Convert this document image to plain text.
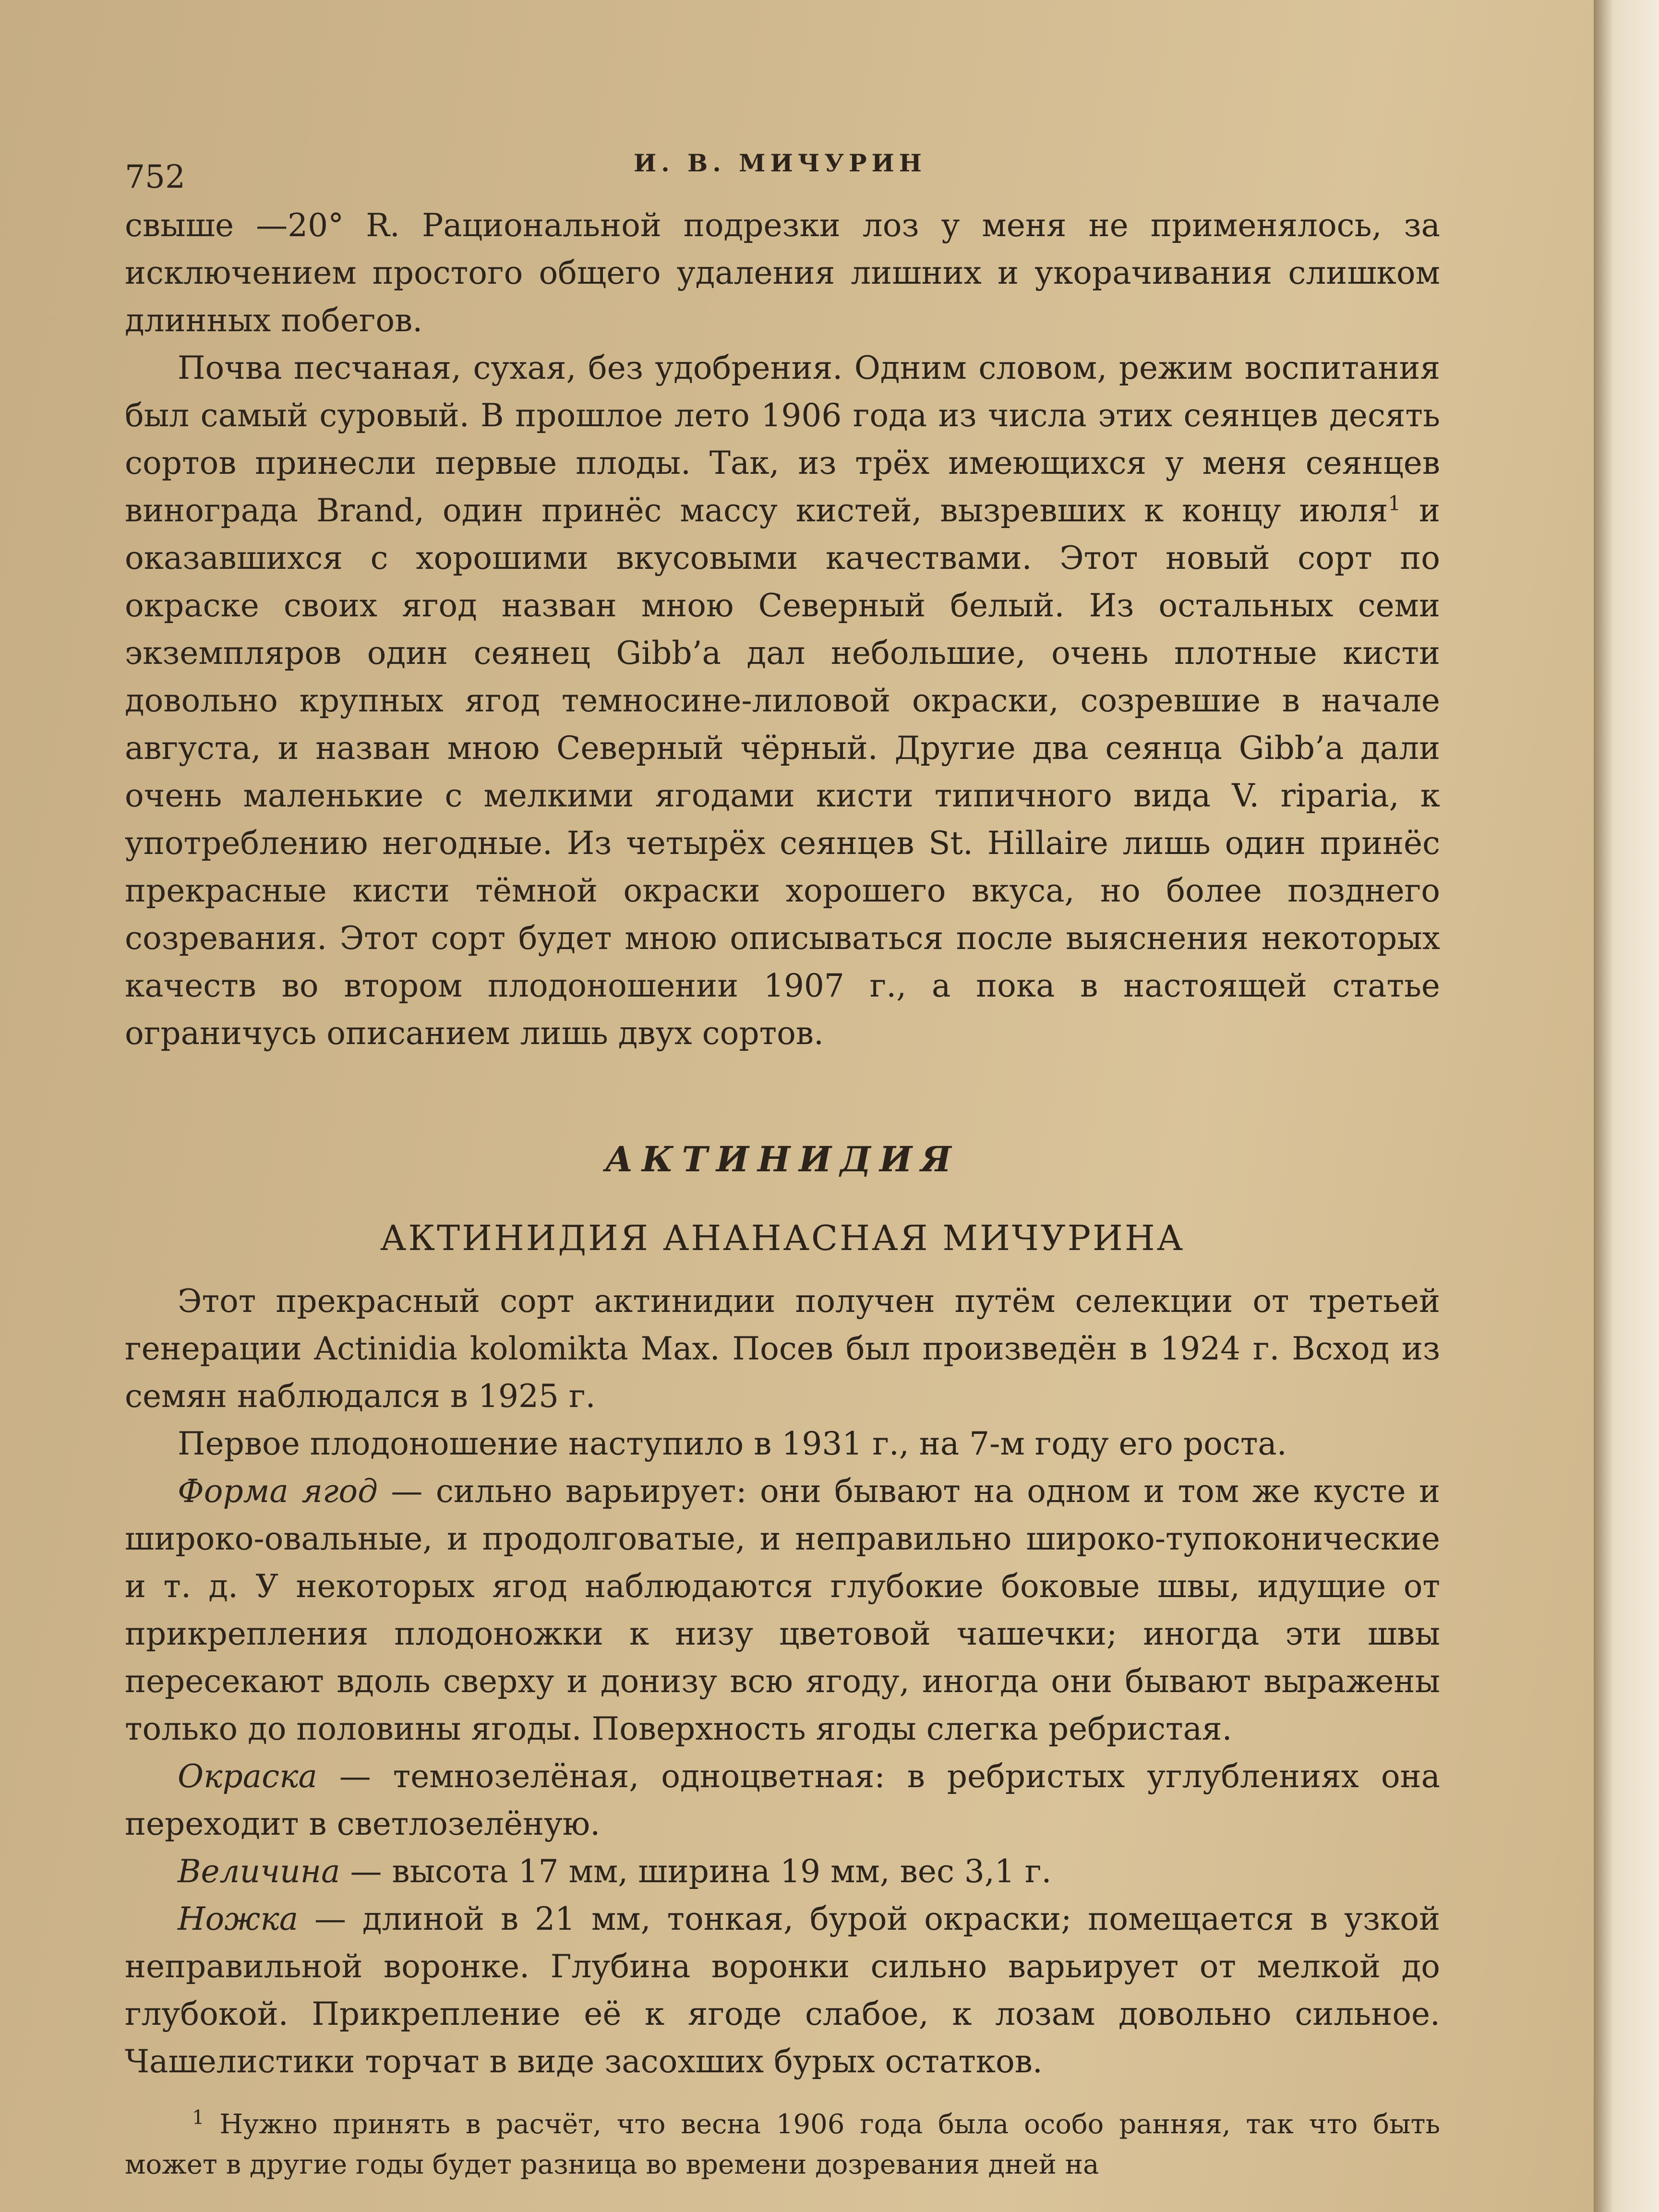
752	И. В. МИЧУРИН

свыше —20° R. Рациональной подрезки лоз у меня не применялось, за исключением простого общего удаления лишних и укорачивания слишком длинных побегов.

Почва песчаная, сухая, без удобрения. Одним словом, режим воспитания был самый суровый. В прошлое лето 1906 года из числа этих сеянцев десять сортов принесли первые плоды. Так, из трёх имеющихся у меня сеянцев винограда Brand, один принёс массу кистей, вызревших к концу июля$^1$ и оказавшихся с хорошими вкусовыми качествами. Этот новый сорт по окраске своих ягод назван мною Северный белый. Из остальных семи экземпляров один сеянец Gibb’a дал небольшие, очень плотные кисти довольно крупных ягод темносине-лиловой окраски, созревшие в начале августа, и назван мною Северный чёрный. Другие два сеянца Gibb’a дали очень маленькие с мелкими ягодами кисти типичного вида V. riparia, к употреблению негодные. Из четырёх сеянцев St. Hillaire лишь один принёс прекрасные кисти тёмной окраски хорошего вкуса, но более позднего созревания. Этот сорт будет мною описываться после выяснения некоторых качеств во втором плодоношении 1907 г., а пока в настоящей статье ограничусь описанием лишь двух сортов.

АКТИНИДИЯ
АКТИНИДИЯ АНАНАСНАЯ МИЧУРИНА

Этот прекрасный сорт актинидии получен путём селекции от третьей генерации Actinidia kolomikta Max. Посев был произведён в 1924 г. Всход из семян наблюдался в 1925 г.

Первое плодоношение наступило в 1931 г., на 7-м году его роста.

Форма ягод — сильно варьирует: они бывают на одном и том же кусте и широко-овальные, и продолговатые, и неправильно широко-тупоконические и т. д. У некоторых ягод наблюдаются глубокие боковые швы, идущие от прикрепления плодоножки к низу цветовой чашечки; иногда эти швы пересекают вдоль сверху и донизу всю ягоду, иногда они бывают выражены только до половины ягоды. Поверхность ягоды слегка ребристая.

Окраска — темнозелёная, одноцветная: в ребристых углублениях она переходит в светлозелёную.

Величина — высота 17 мм, ширина 19 мм, вес 3,1 г.

Ножка — длиной в 21 мм, тонкая, бурой окраски; помещается в узкой неправильной воронке. Глубина воронки сильно варьирует от мелкой до глубокой. Прикрепление её к ягоде слабое, к лозам довольно сильное. Чашелистики торчат в виде засохших бурых остатков.

$^1$ Нужно принять в расчёт, что весна 1906 года была особо ранняя, так что быть может в другие годы будет разница во времени дозревания дней на
